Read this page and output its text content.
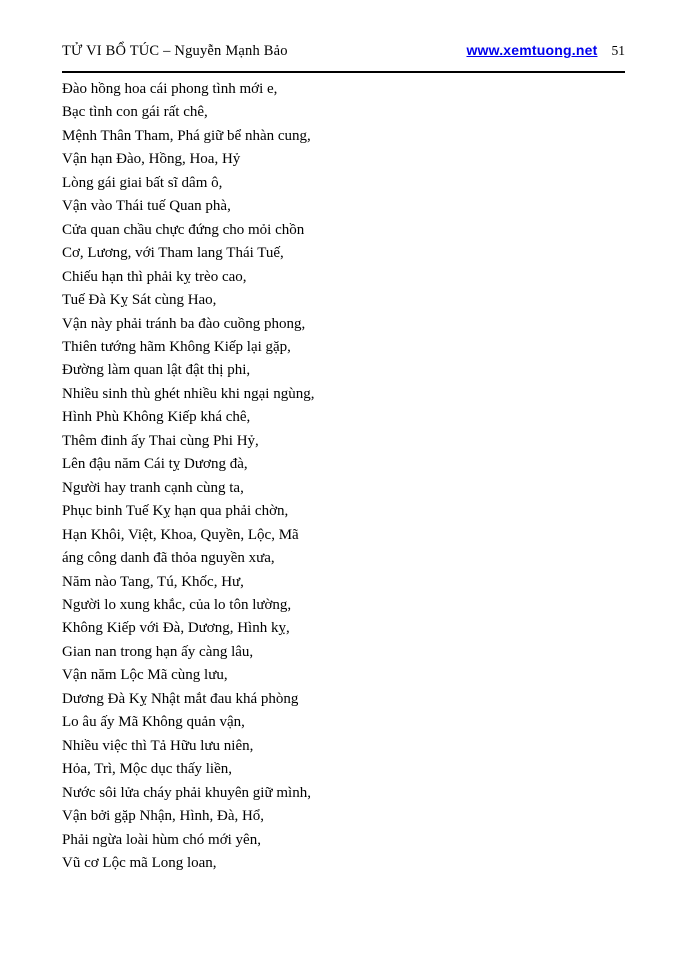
TỬ VI BỔ TÚC – Nguyễn Mạnh Bảo	www.xemtuong.net 51

Đào hồng hoa cái phong tình mới e,

Bạc tình con gái rất chê,

Mệnh Thân Tham, Phá giữ bể nhàn cung,

Vận hạn Đào, Hồng, Hoa, Hỷ

Lòng gái giai bất sĩ dâm ô,

Vận vào Thái tuế Quan phà,

Cửa quan chầu chực đứng cho mỏi chồn

Cơ, Lương, với Tham lang Thái Tuế,

Chiếu hạn thì phải kỵ trèo cao,

Tuế Đà Kỵ Sát cùng Hao,

Vận này phải tránh ba đào cuồng phong,

Thiên tướng hãm Không Kiếp lại gặp,

Đường làm quan lật đật thị phi,

Nhiều sinh thù ghét nhiều khi ngại ngùng,

Hình Phù Không Kiếp khá chê,

Thêm đinh ấy Thai cùng Phi Hỷ,

Lên đậu năm Cái tỵ Dương đà,

Người hay tranh cạnh cùng ta,

Phục binh Tuế Kỵ hạn qua phải chờn,

Hạn Khôi, Việt, Khoa, Quyền, Lộc, Mã

áng công danh đã thỏa nguyền xưa,

Năm nào Tang, Tú, Khốc, Hư,

Người lo xung khắc, của lo tôn lường,

Không Kiếp với Đà, Dương, Hình kỵ,

Gian nan trong hạn ấy càng lâu,

Vận năm Lộc Mã cùng lưu,

Dương Đà Kỵ Nhật mắt đau khá phòng

Lo âu ấy Mã Không quản vận,

Nhiều việc thì Tả Hữu lưu niên,

Hỏa, Trì, Mộc dục thấy liền,

Nước sôi lửa cháy phải khuyên giữ mình,

Vận bởi gặp Nhận, Hình, Đà, Hổ,

Phải ngừa loài hùm chó mới yên,

Vũ cơ Lộc mã Long loan,
